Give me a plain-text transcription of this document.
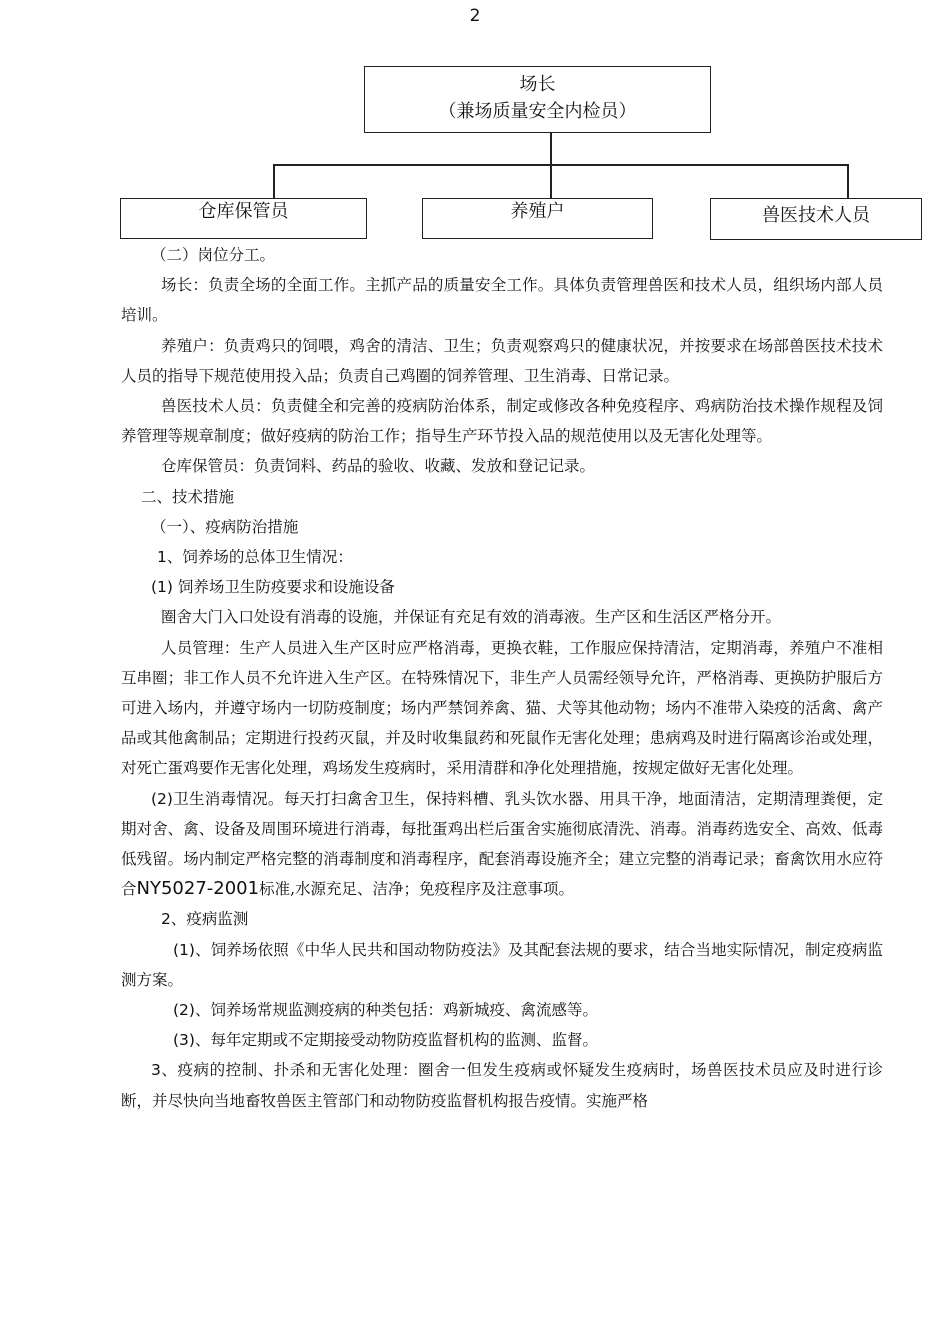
2
场长
（兼场质量安全内检员）
仓库保管员	养殖户	兽医技术人员

（二）岗位分工。

场长：负责全场的全面工作。主抓产品的质量安全工作。具体负责管理兽医和技术人员，组织场内部人员培训。

养殖户：负责鸡只的饲喂，鸡舍的清洁、卫生；负责观察鸡只的健康状况，并按要求在场部兽医技术技术人员的指导下规范使用投入品；负责自己鸡圈的饲养管理、卫生消毒、日常记录。

兽医技术人员：负责健全和完善的疫病防治体系，制定或修改各种免疫程序、鸡病防治技术操作规程及饲养管理等规章制度；做好疫病的防治工作；指导生产环节投入品的规范使用以及无害化处理等。

仓库保管员：负责饲料、药品的验收、收藏、发放和登记记录。

二、技术措施

（一）、疫病防治措施

1、饲养场的总体卫生情况：

(1) 饲养场卫生防疫要求和设施设备

圈舍大门入口处设有消毒的设施，并保证有充足有效的消毒液。生产区和生活区严格分开。

人员管理：生产人员进入生产区时应严格消毒，更换衣鞋，工作服应保持清洁，定期消毒，养殖户不准相互串圈；非工作人员不允许进入生产区。在特殊情况下，非生产人员需经领导允许，严格消毒、更换防护服后方可进入场内，并遵守场内一切防疫制度；场内严禁饲养禽、猫、犬等其他动物；场内不准带入染疫的活禽、禽产品或其他禽制品；定期进行投药灭鼠，并及时收集鼠药和死鼠作无害化处理；患病鸡及时进行隔离诊治或处理，对死亡蛋鸡要作无害化处理，鸡场发生疫病时，采用清群和净化处理措施，按规定做好无害化处理。

(2)卫生消毒情况。每天打扫禽舍卫生，保持料槽、乳头饮水器、用具干净，地面清洁，定期清理粪便，定期对舍、禽、设备及周围环境进行消毒，每批蛋鸡出栏后蛋舍实施彻底清洗、消毒。消毒药选安全、高效、低毒低残留。场内制定严格完整的消毒制度和消毒程序，配套消毒设施齐全；建立完整的消毒记录；畜禽饮用水应符合NY5027-2001标准,水源充足、洁净；免疫程序及注意事项。

2、疫病监测

(1)、饲养场依照《中华人民共和国动物防疫法》及其配套法规的要求，结合当地实际情况，制定疫病监测方案。

(2)、饲养场常规监测疫病的种类包括：鸡新城疫、禽流感等。

(3)、每年定期或不定期接受动物防疫监督机构的监测、监督。

3、疫病的控制、扑杀和无害化处理：圈舍一但发生疫病或怀疑发生疫病时，场兽医技术员应及时进行诊断，并尽快向当地畜牧兽医主管部门和动物防疫监督机构报告疫情。实施严格
